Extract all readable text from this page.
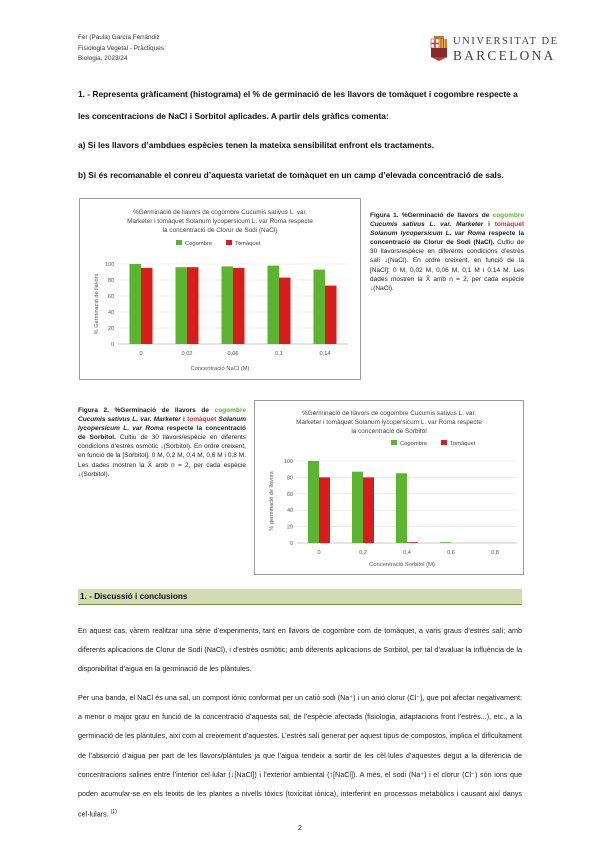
Fer (Paula) García Ferrándiz
Fisiologia Vegetal - Pràctiques
Biologia, 2023/24
UNIVERSITAT DE
BARCELONA
1. - Representa gràficament (histograma) el % de germinació de les llavors de tomàquet i cogombre respecte a
les concentracions de NaCl i Sorbitol aplicades. A partir dels gràfics comenta:
a) Si les llavors d’ambdues espècies tenen la mateixa sensibilitat enfront els tractaments.
b) Si és recomanable el conreu d’aquesta varietat de tomàquet en un camp d’elevada concentració de sals.
%Germinació de llavors de cogombre Cucumis sativus L. var.
Marketer i tomàquet Solanum lycopersicum L. var Roma respecte
la concentració de Clorur de Sodi (NaCl)
Cogombre	Tomàquet
% Germinació de llavors
Concentració NaCl (M)
0
20
40
60
80
100
0	0,02	0,06	0,1	0,14
Figura 1. %Germinació de llavors de cogombre Cucumis sativus L. var. Marketer i tomàquet Solanum lycopersicum L. var Roma respecte la concentració de Clorur de Sodi (NaCl). Cultiu de 30 llavors/espècie en diferents condicions d’estrès salí ↓(NaCl). En ordre creixent, en funció de la [NaCl]: 0 M, 0,02 M, 0,06 M, 0,1 M i 0,14 M. Les dades mostren la X̄ amb n = 2, per cada espècie ↓(NaCl).
Figura 2. %Germinació de llavors de cogombre Cucumis sativus L. var. Marketer i tomàquet Solanum lycopersicum L. var Roma respecte la concentració de Sorbitol. Cultiu de 30 llavors/espècie en diferents condicions d’estrès osmòtic ↓(Sorbitol). En ordre creixent, en funció de la [Sorbitol]: 0 M, 0,2 M, 0,4 M, 0,6 M i 0,8 M. Les dades mostren la X̄ amb n = 2, per cada espècie ↓(Sorbitol).
%Germinació de llavors de cogombre Cucumis sativus L. var.
Marketer i tomàquet Solanum lycopersicum L. var Roma respecte
la concentració de Sorbitol
Cogombre	Tomàquet
% germinació de llavors
Concentració Sorbitol (M)
0
20
40
60
80
100
0	0,2	0,4	0,6	0,8
1. - Discussió i conclusions
En aquest cas, vàrem realitzar una sèrie d’experiments, tant en llavors de cogombre com de tomàquet, a varis graus d’estrès salí; amb diferents aplicacions de Clorur de Sodi (NaCl), i d’estrès osmòtic; amb diferents aplicacions de Sorbitol, per tal d’avaluar la influència de la disponibilitat d’aigua en la germinació de les plàntules.
Per una banda, el NaCl és una sal, un compost iònic conformat per un catió sodi (Na⁺) i un anió clorur (Cl⁻), que pot afectar negativament; a menor o major grau en funció de la concentració d’aquesta sal, de l’espècie afectada (fisiologia, adaptacions front l’estrès...), etc., a la germinació de les plàntules, així com al creixement d’aquestes. L’estrès salí generat per aquest tipus de compostos, implica el dificultament de l’absorció d’aigua per part de les llavors/plàntules ja que l’aigua tendeix a sortir de les cèl·lules d’aquestes degut a la diferència de concentracions salines entre l’interior cel·lular (↓[NaCl]) i l’exterior ambiental (↑[NaCl]). A més, el sodi (Na⁺) i el clorur (Cl⁻) són ions que poden acumular-se en els teixits de les plantes a nivells tòxics (toxicitat iònica), interferint en processos metabòlics i causant així danys cel·lulars. $^{(1)}$
2
